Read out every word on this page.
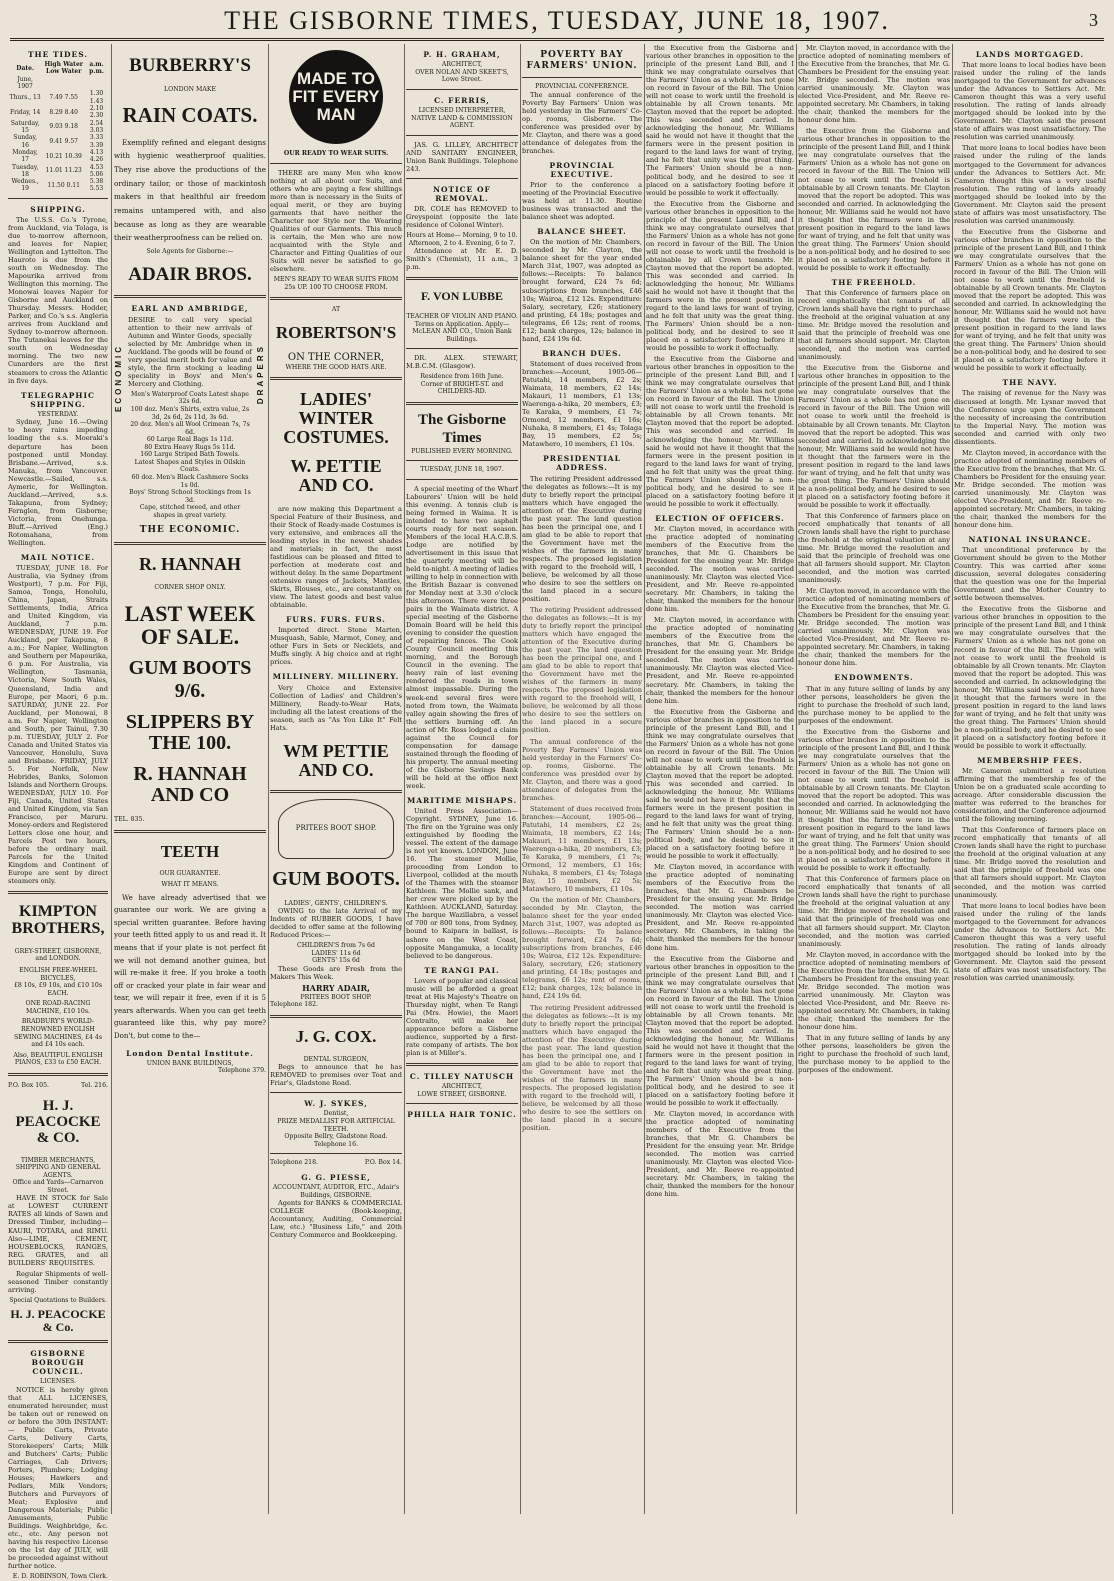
THE GISBORNE TIMES, TUESDAY, JUNE 18, 1907.	3
THE TIDES.
Date.	High Water Low Water	a.m. p.m.
June, 1907		
Thurs., 13	7.49 7.55	1.30 1.43
Friday, 14	8.29 8.40	2.10 2.30
Saturday, 15	9.03 9.18	2.54 3.03
Sunday, 16	9.41 9.57	3.33 3.39
Monday, 17	10.21 10.39	4.13 4.26
Tuesday, 18	11.01 11.23	4.53 5.06
Wednes., 19	11.50 0.11	5.38 5.53
SHIPPING.

The U.S.S. Co.'s Tyrone, from Auckland, via Tolaga, is due to-morrow afternoon, and leaves for Napier, Wellington and Lyttelton. The Hauroto is due from the south on Wednesday. The Mapourika arrived from Wellington this morning. The Monowai leaves Napier for Gisborne and Auckland on Thursday. Messrs. Hodder, Parker, and Co.'s s.s. Angleria arrives from Auckland and Sydney to-morrow afternoon. The Tutanekai leaves for the south on Wednesday morning. The two new Cunarders are the first steamers to cross the Atlantic in five days.

TELEGRAPHIC SHIPPING.
YESTERDAY.

Sydney, June 16.—Owing to heavy rains impeding loading the s.s. Moeraki's departure has been postponed until Monday. Brisbane.—Arrived, s.s. Manuka, from Vancouver. Newcastle.—Sailed, s.s. Aymeric, for Wellington. Auckland.—Arrived, s.s. Takapuna, from Sydney; Fernglen, from Gisborne; Victoria, from Onehunga. Bluff.—Arrived (Eng.) Rotomahana, from Wellington.

MAIL NOTICE.

TUESDAY, JUNE 18. For Australia, via Sydney (from Westport), 7 p.m. For Fiji, Samoa, Tonga, Honolulu, China, Japan, Straits Settlements, India, Africa and United Kingdom, via Auckland, 7 p.m. WEDNESDAY, JUNE 19. For Auckland, per Takapuna, 8 a.m.; For Napier, Wellington and Southern per Mapourika, 6 p.m. For Australia, via Wellington, Tasmania, Victoria, New South Wales, Queensland, India and Europe, per Maori, 6 p.m. SATURDAY, JUNE 22. For Auckland, per Monowai, 8 a.m. For Napier, Wellington and South, per Tainui, 7.30 p.m. TUESDAY, JULY 2. For Canada and United States via Vancouver, Honolulu, Suva and Brisbane. FRIDAY, JULY 5. For Norfolk, New Hebrides, Banks, Solomon Islands and Northern Groups. WEDNESDAY, JULY 10. For Fiji, Canada, United States and United Kingdom, via San Francisco, per Maruru. Money-orders and Registered Letters close one hour, and Parcels Post two hours, before the ordinary mail. Parcels for the United Kingdom and Continent of Europe are sent by direct steamers only.

KIMPTON BROTHERS,
GREY-STREET, GISBORNE, and LONDON.
ENGLISH FREE-WHEEL BICYCLES,
£8 10s, £9 10s, and £10 10s EACH.
ONE ROAD-RACING MACHINE, £10 10s.
BRADBURY'S WORLD-RENOWNED ENGLISH SEWING MACHINES, £4 4s and £4 10s each.
Also, BEAUTIFUL ENGLISH PIANOS, £33 to £50 EACH.
P.O. Box 105.	Tel. 216.
H. J. PEACOCKE & CO.
TIMBER MERCHANTS, SHIPPING AND GENERAL AGENTS.
Office and Yards—Carnarvon Street.

HAVE IN STOCK for Sale at LOWEST CURRENT RATES all kinds of Sawn and Dressed Timber, including—KAURI, TOTARA, and RIMU. Also—LIME, CEMENT, HOUSEBLOCKS, RANGES, REG. GRATES, and all BUILDERS' REQUISITES.

Regular Shipments of well-seasoned Timber constantly arriving.

Special Quotations to Builders.
H. J. PEACOCKE & Co.
GISBORNE BOROUGH COUNCIL.
LICENSES.

NOTICE is hereby given that ALL LICENSES, enumerated hereunder, must be taken out or renewed on or before the 30th INSTANT:— Public Carts, Private Carts, Delivery Carts, Storekeepers' Carts; Milk and Butchers' Carts; Public Carriages, Cab Drivers; Porters, Plumbers; Lodging Houses; Hawkers and Pedlars, Milk Vendors; Butchers and Purveyors of Meat; Explosive and Dangerous Materials; Public Amusements, Public Buildings. Weighbridge, &c. etc., etc. Any person not having his respective License on the 1st day of JULY, will be proceeded against without further notice.

E. D. ROBINSON, Town Clerk.
BURBERRY'S
LONDON MAKE
RAIN COATS.

Exemplify refined and elegant designs with hygienic weatherproof qualities. They rise above the productions of the ordinary tailor, or those of mackintosh makers in that healthful air freedom remains untampered with, and also because as long as they are wearable their weatherproofness can be relied on.

Sole Agents for Gisborne:—
ADAIR BROS.
EARL AND AMBRIDGE,

DESIRE to call very special attention to their new arrivals of Autumn and Winter Goods, specially selected by Mr. Ambridge when in Auckland. The goods will be found of very special merit both for value and style, the firm stocking a leading speciality in Boys' and Men's Mercery and Clothing.

Men's Waterproof Coats Latest shape 32s 6d.
100 doz. Men's Shirts, extra value, 2s 3d, 2s 6d, 2s 11d, 3s 6d.
20 doz. Men's all Wool Crimean 7s, 7s 6d.
60 Large Real Bags 1s 11d.
80 Extra Heavy Rugs 5s 11d.
160 Large Striped Bath Towels.
Latest Shapes and Styles in Oilskin Coats.
60 doz. Men's Black Cashmere Socks 1s 0d.
Boys' Strong School Stockings from 1s 3d.
Cape, stitched tweed, and other shapes in great variety.
ECONOMIC	DRAPERS
THE ECONOMIC.
R. HANNAH
CORNER SHOP ONLY.
LAST WEEK OF SALE.
GUM BOOTS
9/6.
SLIPPERS BY THE 100.
R. HANNAH AND CO
TEL. 835.
TEETH
OUR GUARANTEE.
WHAT IT MEANS.

We have already advertised that we guarantee our work. We are giving a special written guarantee. Before having your teeth fitted apply to us and read it. It means that if your plate is not perfect fit we will not demand another guinea, but will re-make it free. If you broke a tooth off or cracked your plate in fair wear and tear, we will repair it free, even if it is 5 years afterwards. When you can get teeth guaranteed like this, why pay more? Don't, but come to the—

London Dental Institute.
UNION BANK BUILDINGS,
Telephone 379.
MADE TO FIT EVERY MAN
OUR READY TO WEAR SUITS.

THERE are many Men who know nothing at all about our Suits, and others who are paying a few shillings more than is necessary in the Suits of equal merit, or they are buying garments that have neither the Character nor Style nor the Wearing Qualities of our Garments. This much is certain, the Men who are now acquainted with the Style and Character and Fitting Qualities of our Suits will never be satisfied to go elsewhere.

MEN'S READY TO WEAR SUITS FROM 25s UP. 100 TO CHOOSE FROM.
AT
ROBERTSON'S
ON THE CORNER,
WHERE THE GOOD HATS ARE.
LADIES' WINTER COSTUMES.
W. PETTIE AND CO.

are now making this Department a Special Feature of their Business, and their Stock of Ready-made Costumes is very extensive, and embraces all the leading styles in the newest shades and materials; in fact, the most fastidious can be pleased and fitted to perfection at moderate cost and without delay. In the same Department extensive ranges of Jackets, Mantles, Skirts, Blouses, etc., are constantly on view. The latest goods and best value obtainable.

FURS. FURS. FURS.

Imported direct. Stone Marten, Musquash, Sable, Marmot, Coney, and other Furs in Sets or Necklets, and Muffs singly. A big choice and at right prices.

MILLINERY. MILLINERY.

Very Choice and Extensive Collection of Ladies' and Children's Millinery, Ready-to-Wear Hats, including all the latest creations of the season, such as "As You Like It" Felt Hats.

WM PETTIE AND CO.
PRITEES BOOT SHOP.
GUM BOOTS.
LADIES', GENTS', CHILDREN'S.

OWING to the late Arrival of my Indents of RUBBER GOODS, I have decided to offer same at the following Reduced Prices:—

CHILDREN'S from 7s 6d
LADIES' 11s 6d
GENTS' 15s 6d

These Goods are Fresh from the Makers This Week.

HARRY ADAIR,
PRITEES BOOT SHOP.
Telephone 182.
J. G. COX.
DENTAL SURGEON,

Begs to announce that he has REMOVED to premises over Toat and Friar's, Gladstone Road.

W. J. SYKES,
Dentist,
PRIZE MEDALLIST FOR ARTIFICIAL TEETH.
Opposite Bellry, Gladstone Road. Telephone 16.
Telephone 218.	P.O. Box 14.
G. G. PIESSE,
ACCOUNTANT, AUDITOR, ETC., Adair's Buildings, GISBORNE.

Agents for BANKS & COMMERCIAL COLLEGE (Book-keeping, Accountancy, Auditing, Commercial Law, etc.) "Business Life," and 20th Century Commerce and Bookkeeping.

P. H. GRAHAM,
ARCHITECT,
OVER NOLAN AND SKEET'S, Lowe Street.
C. FERRIS,
LICENSED INTERPRETER, NATIVE LAND & COMMISSION AGENT.

JAS. G. LILLEY, ARCHITECT AND SANITARY ENGINEER, Union Bank Buildings. Telephone 243.

NOTICE OF REMOVAL.

DR. COLE has REMOVED to Greyspoint (opposite the late residence of Colonel Winter).

Hours at Home— Morning, 9 to 10. Afternoon, 2 to 4. Evening, 6 to 7.

Attendance at Mr. E. D. Smith's (Chemist), 11 a.m., 3 p.m.

F. VON LUBBE
TEACHER OF VIOLIN AND PIANO.
Terms on Application. Apply—McLEAN AND CO., Union Bank Buildings.

DR. ALEX. STEWART, M.B.C.M. (Glasgow).

Residence from 16th June.
Corner of BRIGHT-ST. and CHILDERS-RD.
The Gisborne Times
PUBLISHED EVERY MORNING.
TUESDAY, JUNE 18, 1907.

A special meeting of the Wharf Labourers' Union will be held this evening. A tennis club is being formed in Waima. It is intended to have two asphalt courts ready for next season. Members of the local H.A.C.B.S. Lodge are notified by advertisement in this issue that the quarterly meeting will be held to-night. A meeting of ladies willing to help in connection with the British Bazaar is convened for Monday next at 3.30 o'clock this afternoon. There were three pairs in the Waimata district. A special meeting of the Gisborne Domain Board will be held this evening to consider the question of repairing fences. The Cook County Council meeting this morning, and the Borough Council in the evening. The heavy rain of last evening rendered the roads in town almost impassable. During the week-end several fires were noted from town, the Waimata valley again showing the fires of the settlers burning off. An action of Mr. Ross lodged a claim against the Council for compensation for damage sustained through the flooding of his property. The annual meeting of the Gisborne Savings Bank will be held at the office next week.

MARITIME MISHAPS.

United Press Association—Copyright. SYDNEY, June 16. The fire on the Ygraine was only extinguished by flooding the vessel. The extent of the damage is not yet known. LONDON, June 16. The steamer Mollie, proceeding from London to Liverpool, collided at the mouth of the Thames with the steamer Kathleen. The Mollie sank, and her crew were picked up by the Kathleen. AUCKLAND, Saturday. The barque Wazillabra, a vessel of 700 or 800 tons, from Sydney, bound to Kaipara in ballast, is ashore on the West Coast, opposite Mangamuka, a locality believed to be dangerous.

TE RANGI PAI.

Lovers of popular and classical music will be afforded a great treat at His Majesty's Theatre on Thursday night, when Te Rangi Pai (Mrs. Howie), the Maori Contralto, will make her appearance before a Gisborne audience, supported by a first-rate company of artists. The box plan is at Miller's.

C. TILLEY NATUSCH
ARCHITECT,
LOWE STREET, GISBORNE.
PHILLA HAIR TONIC.
POVERTY BAY FARMERS' UNION.
PROVINCIAL CONFERENCE.

The annual conference of the Poverty Bay Farmers' Union was held yesterday in the Farmers' Co-op. rooms, Gisborne. The conference was presided over by Mr. Clayton, and there was a good attendance of delegates from the branches.

PROVINCIAL EXECUTIVE.

Prior to the conference a meeting of the Provincial Executive was held at 11.30. Routine business was transacted and the balance sheet was adopted.

BALANCE SHEET.

On the motion of Mr. Chambers, seconded by Mr. Clayton, the balance sheet for the year ended March 31st, 1907, was adopted as follows:—Receipts: To balance brought forward, £24 7s 6d; subscriptions from branches, £46 10s; Wairoa, £12 12s. Expenditure: Salary, secretary, £26; stationery and printing, £4 18s; postages and telegrams, £6 12s; rent of rooms, £12; bank charges, 12s; balance in hand, £24 19s 6d.

BRANCH DUES.

Statement of dues received from branches:—Account, 1905-06—Patutahi, 14 members, £2 2s; Waimata, 18 members, £2 14s; Makauri, 11 members, £1 13s; Waerenga-a-hika, 20 members, £3; Te Karaka, 9 members, £1 7s; Ormond, 12 members, £1 16s; Nuhaka, 8 members, £1 4s; Tolaga Bay, 15 members, £2 5s; Matawhero, 10 members, £1 10s.

PRESIDENTIAL ADDRESS.

The retiring President addressed the delegates as follows:—It is my duty to briefly report the principal matters which have engaged the attention of the Executive during the past year. The land question has been the principal one, and I am glad to be able to report that the Government have met the wishes of the farmers in many respects. The proposed legislation with regard to the freehold will, I believe, be welcomed by all those who desire to see the settlers on the land placed in a secure position.

The retiring President addressed the delegates as follows:—It is my duty to briefly report the principal matters which have engaged the attention of the Executive during the past year. The land question has been the principal one, and I am glad to be able to report that the Government have met the wishes of the farmers in many respects. The proposed legislation with regard to the freehold will, I believe, be welcomed by all those who desire to see the settlers on the land placed in a secure position.

The annual conference of the Poverty Bay Farmers' Union was held yesterday in the Farmers' Co-op. rooms, Gisborne. The conference was presided over by Mr. Clayton, and there was a good attendance of delegates from the branches.

Statement of dues received from branches:—Account, 1905-06—Patutahi, 14 members, £2 2s; Waimata, 18 members, £2 14s; Makauri, 11 members, £1 13s; Waerenga-a-hika, 20 members, £3; Te Karaka, 9 members, £1 7s; Ormond, 12 members, £1 16s; Nuhaka, 8 members, £1 4s; Tolaga Bay, 15 members, £2 5s; Matawhero, 10 members, £1 10s.

On the motion of Mr. Chambers, seconded by Mr. Clayton, the balance sheet for the year ended March 31st, 1907, was adopted as follows:—Receipts: To balance brought forward, £24 7s 6d; subscriptions from branches, £46 10s; Wairoa, £12 12s. Expenditure: Salary, secretary, £26; stationery and printing, £4 18s; postages and telegrams, £6 12s; rent of rooms, £12; bank charges, 12s; balance in hand, £24 19s 6d.

The retiring President addressed the delegates as follows:—It is my duty to briefly report the principal matters which have engaged the attention of the Executive during the past year. The land question has been the principal one, and I am glad to be able to report that the Government have met the wishes of the farmers in many respects. The proposed legislation with regard to the freehold will, I believe, be welcomed by all those who desire to see the settlers on the land placed in a secure position.

the Executive from the Gisborne and various other branches in opposition to the principle of the present Land Bill, and I think we may congratulate ourselves that the Farmers' Union as a whole has not gone on record in favour of the Bill. The Union will not cease to work until the freehold is obtainable by all Crown tenants. Mr. Clayton moved that the report be adopted. This was seconded and carried. In acknowledging the honour, Mr. Williams said he would not have it thought that the farmers were in the present position in regard to the land laws for want of trying, and he felt that unity was the great thing. The Farmers' Union should be a non-political body, and he desired to see it placed on a satisfactory footing before it would be possible to work it effectually.

the Executive from the Gisborne and various other branches in opposition to the principle of the present Land Bill, and I think we may congratulate ourselves that the Farmers' Union as a whole has not gone on record in favour of the Bill. The Union will not cease to work until the freehold is obtainable by all Crown tenants. Mr. Clayton moved that the report be adopted. This was seconded and carried. In acknowledging the honour, Mr. Williams said he would not have it thought that the farmers were in the present position in regard to the land laws for want of trying, and he felt that unity was the great thing. The Farmers' Union should be a non-political body, and he desired to see it placed on a satisfactory footing before it would be possible to work it effectually.

the Executive from the Gisborne and various other branches in opposition to the principle of the present Land Bill, and I think we may congratulate ourselves that the Farmers' Union as a whole has not gone on record in favour of the Bill. The Union will not cease to work until the freehold is obtainable by all Crown tenants. Mr. Clayton moved that the report be adopted. This was seconded and carried. In acknowledging the honour, Mr. Williams said he would not have it thought that the farmers were in the present position in regard to the land laws for want of trying, and he felt that unity was the great thing. The Farmers' Union should be a non-political body, and he desired to see it placed on a satisfactory footing before it would be possible to work it effectually.

ELECTION OF OFFICERS.

Mr. Clayton moved, in accordance with the practice adopted of nominating members of the Executive from the branches, that Mr. G. Chambers be President for the ensuing year. Mr. Bridge seconded. The motion was carried unanimously. Mr. Clayton was elected Vice-President, and Mr. Reeve re-appointed secretary. Mr. Chambers, in taking the chair, thanked the members for the honour done him.

Mr. Clayton moved, in accordance with the practice adopted of nominating members of the Executive from the branches, that Mr. G. Chambers be President for the ensuing year. Mr. Bridge seconded. The motion was carried unanimously. Mr. Clayton was elected Vice-President, and Mr. Reeve re-appointed secretary. Mr. Chambers, in taking the chair, thanked the members for the honour done him.

the Executive from the Gisborne and various other branches in opposition to the principle of the present Land Bill, and I think we may congratulate ourselves that the Farmers' Union as a whole has not gone on record in favour of the Bill. The Union will not cease to work until the freehold is obtainable by all Crown tenants. Mr. Clayton moved that the report be adopted. This was seconded and carried. In acknowledging the honour, Mr. Williams said he would not have it thought that the farmers were in the present position in regard to the land laws for want of trying, and he felt that unity was the great thing. The Farmers' Union should be a non-political body, and he desired to see it placed on a satisfactory footing before it would be possible to work it effectually.

Mr. Clayton moved, in accordance with the practice adopted of nominating members of the Executive from the branches, that Mr. G. Chambers be President for the ensuing year. Mr. Bridge seconded. The motion was carried unanimously. Mr. Clayton was elected Vice-President, and Mr. Reeve re-appointed secretary. Mr. Chambers, in taking the chair, thanked the members for the honour done him.

the Executive from the Gisborne and various other branches in opposition to the principle of the present Land Bill, and I think we may congratulate ourselves that the Farmers' Union as a whole has not gone on record in favour of the Bill. The Union will not cease to work until the freehold is obtainable by all Crown tenants. Mr. Clayton moved that the report be adopted. This was seconded and carried. In acknowledging the honour, Mr. Williams said he would not have it thought that the farmers were in the present position in regard to the land laws for want of trying, and he felt that unity was the great thing. The Farmers' Union should be a non-political body, and he desired to see it placed on a satisfactory footing before it would be possible to work it effectually.

Mr. Clayton moved, in accordance with the practice adopted of nominating members of the Executive from the branches, that Mr. G. Chambers be President for the ensuing year. Mr. Bridge seconded. The motion was carried unanimously. Mr. Clayton was elected Vice-President, and Mr. Reeve re-appointed secretary. Mr. Chambers, in taking the chair, thanked the members for the honour done him.

Mr. Clayton moved, in accordance with the practice adopted of nominating members of the Executive from the branches, that Mr. G. Chambers be President for the ensuing year. Mr. Bridge seconded. The motion was carried unanimously. Mr. Clayton was elected Vice-President, and Mr. Reeve re-appointed secretary. Mr. Chambers, in taking the chair, thanked the members for the honour done him.

the Executive from the Gisborne and various other branches in opposition to the principle of the present Land Bill, and I think we may congratulate ourselves that the Farmers' Union as a whole has not gone on record in favour of the Bill. The Union will not cease to work until the freehold is obtainable by all Crown tenants. Mr. Clayton moved that the report be adopted. This was seconded and carried. In acknowledging the honour, Mr. Williams said he would not have it thought that the farmers were in the present position in regard to the land laws for want of trying, and he felt that unity was the great thing. The Farmers' Union should be a non-political body, and he desired to see it placed on a satisfactory footing before it would be possible to work it effectually.

THE FREEHOLD.

That this Conference of farmers place on record emphatically that tenants of all Crown lands shall have the right to purchase the freehold at the original valuation at any time. Mr. Bridge moved the resolution and said that the principle of freehold was one that all farmers should support. Mr. Clayton seconded, and the motion was carried unanimously.

the Executive from the Gisborne and various other branches in opposition to the principle of the present Land Bill, and I think we may congratulate ourselves that the Farmers' Union as a whole has not gone on record in favour of the Bill. The Union will not cease to work until the freehold is obtainable by all Crown tenants. Mr. Clayton moved that the report be adopted. This was seconded and carried. In acknowledging the honour, Mr. Williams said he would not have it thought that the farmers were in the present position in regard to the land laws for want of trying, and he felt that unity was the great thing. The Farmers' Union should be a non-political body, and he desired to see it placed on a satisfactory footing before it would be possible to work it effectually.

That this Conference of farmers place on record emphatically that tenants of all Crown lands shall have the right to purchase the freehold at the original valuation at any time. Mr. Bridge moved the resolution and said that the principle of freehold was one that all farmers should support. Mr. Clayton seconded, and the motion was carried unanimously.

Mr. Clayton moved, in accordance with the practice adopted of nominating members of the Executive from the branches, that Mr. G. Chambers be President for the ensuing year. Mr. Bridge seconded. The motion was carried unanimously. Mr. Clayton was elected Vice-President, and Mr. Reeve re-appointed secretary. Mr. Chambers, in taking the chair, thanked the members for the honour done him.

ENDOWMENTS.

That in any future selling of lands by any other persons, leaseholders be given the right to purchase the freehold of such land, the purchase money to be applied to the purposes of the endowment.

the Executive from the Gisborne and various other branches in opposition to the principle of the present Land Bill, and I think we may congratulate ourselves that the Farmers' Union as a whole has not gone on record in favour of the Bill. The Union will not cease to work until the freehold is obtainable by all Crown tenants. Mr. Clayton moved that the report be adopted. This was seconded and carried. In acknowledging the honour, Mr. Williams said he would not have it thought that the farmers were in the present position in regard to the land laws for want of trying, and he felt that unity was the great thing. The Farmers' Union should be a non-political body, and he desired to see it placed on a satisfactory footing before it would be possible to work it effectually.

That this Conference of farmers place on record emphatically that tenants of all Crown lands shall have the right to purchase the freehold at the original valuation at any time. Mr. Bridge moved the resolution and said that the principle of freehold was one that all farmers should support. Mr. Clayton seconded, and the motion was carried unanimously.

Mr. Clayton moved, in accordance with the practice adopted of nominating members of the Executive from the branches, that Mr. G. Chambers be President for the ensuing year. Mr. Bridge seconded. The motion was carried unanimously. Mr. Clayton was elected Vice-President, and Mr. Reeve re-appointed secretary. Mr. Chambers, in taking the chair, thanked the members for the honour done him.

That in any future selling of lands by any other persons, leaseholders be given the right to purchase the freehold of such land, the purchase money to be applied to the purposes of the endowment.

LANDS MORTGAGED.

That more loans to local bodies have been raised under the ruling of the lands mortgaged to the Government for advances under the Advances to Settlers Act. Mr. Cameron thought this was a very useful resolution. The rating of lands already mortgaged should be looked into by the Government. Mr. Clayton said the present state of affairs was most unsatisfactory. The resolution was carried unanimously.

That more loans to local bodies have been raised under the ruling of the lands mortgaged to the Government for advances under the Advances to Settlers Act. Mr. Cameron thought this was a very useful resolution. The rating of lands already mortgaged should be looked into by the Government. Mr. Clayton said the present state of affairs was most unsatisfactory. The resolution was carried unanimously.

the Executive from the Gisborne and various other branches in opposition to the principle of the present Land Bill, and I think we may congratulate ourselves that the Farmers' Union as a whole has not gone on record in favour of the Bill. The Union will not cease to work until the freehold is obtainable by all Crown tenants. Mr. Clayton moved that the report be adopted. This was seconded and carried. In acknowledging the honour, Mr. Williams said he would not have it thought that the farmers were in the present position in regard to the land laws for want of trying, and he felt that unity was the great thing. The Farmers' Union should be a non-political body, and he desired to see it placed on a satisfactory footing before it would be possible to work it effectually.

THE NAVY.

The raising of revenue for the Navy was discussed at length. Mr. Lysnar moved that the Conference urge upon the Government the necessity of increasing the contribution to the Imperial Navy. The motion was seconded and carried with only two dissentients.

Mr. Clayton moved, in accordance with the practice adopted of nominating members of the Executive from the branches, that Mr. G. Chambers be President for the ensuing year. Mr. Bridge seconded. The motion was carried unanimously. Mr. Clayton was elected Vice-President, and Mr. Reeve re-appointed secretary. Mr. Chambers, in taking the chair, thanked the members for the honour done him.

NATIONAL INSURANCE.

That unconditional preference by the Government should be given to the Mother Country. This was carried after some discussion, several delegates considering that the question was one for the Imperial Government and the Mother Country to settle between themselves.

the Executive from the Gisborne and various other branches in opposition to the principle of the present Land Bill, and I think we may congratulate ourselves that the Farmers' Union as a whole has not gone on record in favour of the Bill. The Union will not cease to work until the freehold is obtainable by all Crown tenants. Mr. Clayton moved that the report be adopted. This was seconded and carried. In acknowledging the honour, Mr. Williams said he would not have it thought that the farmers were in the present position in regard to the land laws for want of trying, and he felt that unity was the great thing. The Farmers' Union should be a non-political body, and he desired to see it placed on a satisfactory footing before it would be possible to work it effectually.

MEMBERSHIP FEES.

Mr. Cameron submitted a resolution affirming that the membership fee of the Union be on a graduated scale according to acreage. After considerable discussion the matter was referred to the branches for consideration, and the Conference adjourned until the following morning.

That this Conference of farmers place on record emphatically that tenants of all Crown lands shall have the right to purchase the freehold at the original valuation at any time. Mr. Bridge moved the resolution and said that the principle of freehold was one that all farmers should support. Mr. Clayton seconded, and the motion was carried unanimously.

That more loans to local bodies have been raised under the ruling of the lands mortgaged to the Government for advances under the Advances to Settlers Act. Mr. Cameron thought this was a very useful resolution. The rating of lands already mortgaged should be looked into by the Government. Mr. Clayton said the present state of affairs was most unsatisfactory. The resolution was carried unanimously.
